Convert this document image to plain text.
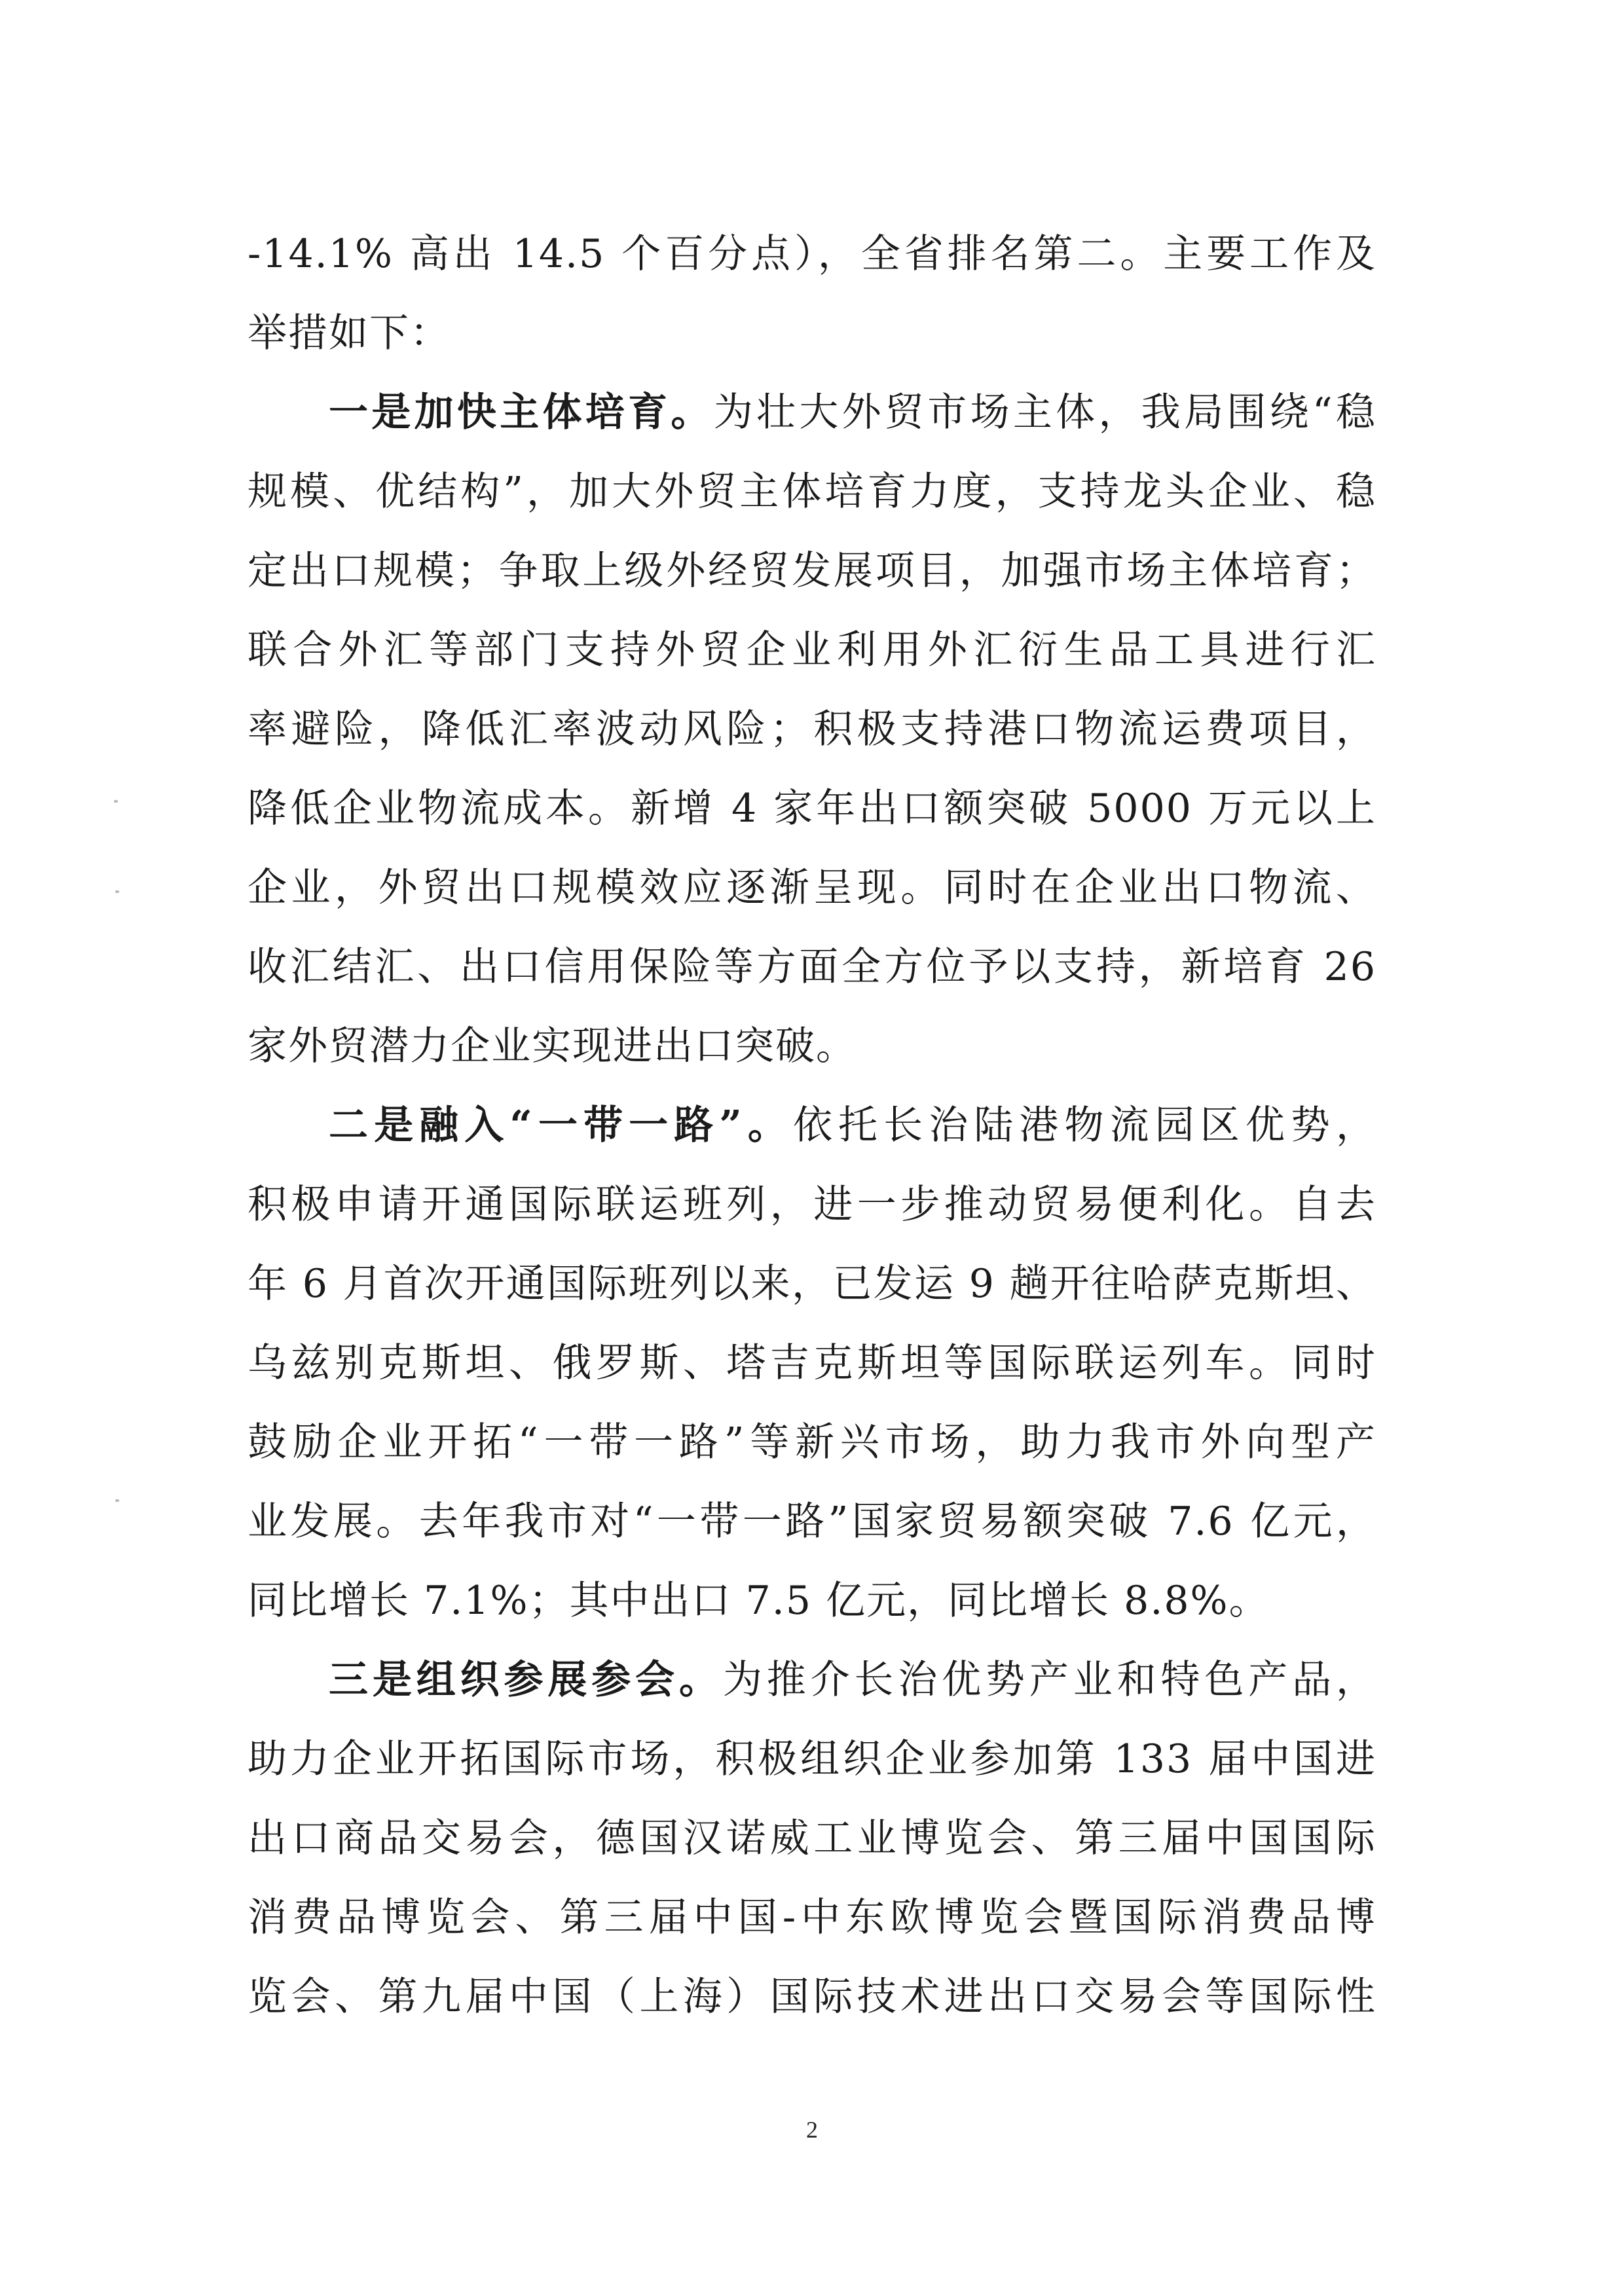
-14.1% 高出 14.5 个百分点），全省排名第二。主要工作及
举措如下：
一是加快主体培育。为壮大外贸市场主体，我局围绕“稳
规模、优结构”，加大外贸主体培育力度，支持龙头企业、稳
定出口规模；争取上级外经贸发展项目，加强市场主体培育；
联合外汇等部门支持外贸企业利用外汇衍生品工具进行汇
率避险，降低汇率波动风险；积极支持港口物流运费项目，
降低企业物流成本。新增 4 家年出口额突破 5000 万元以上
企业，外贸出口规模效应逐渐呈现。同时在企业出口物流、
收汇结汇、出口信用保险等方面全方位予以支持，新培育 26
家外贸潜力企业实现进出口突破。
二是融入“一带一路”。依托长治陆港物流园区优势，
积极申请开通国际联运班列，进一步推动贸易便利化。自去
年 6 月首次开通国际班列以来，已发运 9 趟开往哈萨克斯坦、
乌兹别克斯坦、俄罗斯、塔吉克斯坦等国际联运列车。同时
鼓励企业开拓“一带一路”等新兴市场，助力我市外向型产
业发展。去年我市对“一带一路”国家贸易额突破 7.6 亿元，
同比增长 7.1%；其中出口 7.5 亿元，同比增长 8.8%。
三是组织参展参会。为推介长治优势产业和特色产品，
助力企业开拓国际市场，积极组织企业参加第 133 届中国进
出口商品交易会，德国汉诺威工业博览会、第三届中国国际
消费品博览会、第三届中国-中东欧博览会暨国际消费品博
览会、第九届中国（上海）国际技术进出口交易会等国际性
2
